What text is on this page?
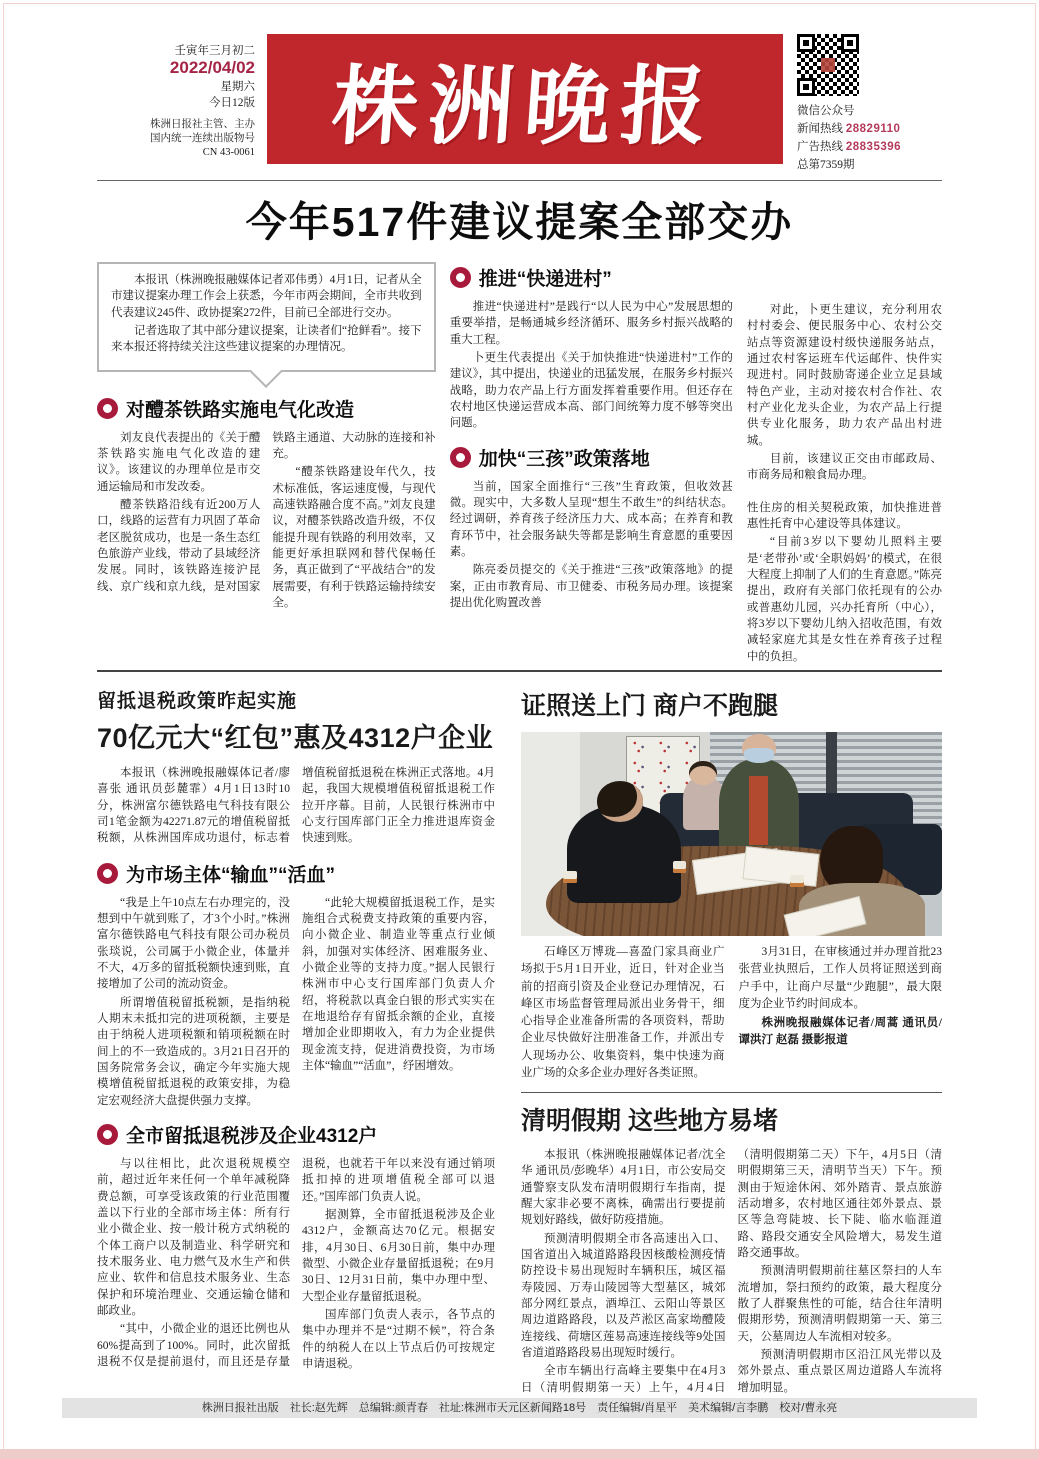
壬寅年三月初二
2022/04/02
星期六
今日12版
株洲日报社主管、主办
国内统一连续出版物号
CN 43-0061 株洲晚报	微信公众号
新闻热线 28829110
广告热线 28835396
总第7359期
今年517件建议提案全部交办

本报讯（株洲晚报融媒体记者邓伟勇）4月1日，记者从全市建议提案办理工作会上获悉，今年市两会期间，全市共收到代表建议245件、政协提案272件，目前已全部进行交办。

记者选取了其中部分建议提案，让读者们“抢鲜看”。接下来本报还将持续关注这些建议提案的办理情况。

对醴茶铁路实施电气化改造

刘友良代表提出的《关于醴茶铁路实施电气化改造的建议》。该建议的办理单位是市交通运输局和市发改委。

醴茶铁路沿线有近200万人口，线路的运营有力巩固了革命老区脱贫成功，也是一条生态红色旅游产业线，带动了县域经济发展。同时，该铁路连接沪昆线、京广线和京九线，是对国家铁路主通道、大动脉的连接和补充。

“醴茶铁路建设年代久，技术标准低，客运速度慢，与现代高速铁路融合度不高。”刘友良建议，对醴茶铁路改造升级，不仅能提升现有铁路的利用效率，又能更好承担联网和替代保畅任务，真正做到了“平战结合”的发展需要，有利于铁路运输持续安全。

推进“快递进村”

推进“快递进村”是践行“以人民为中心”发展思想的重要举措，是畅通城乡经济循环、服务乡村振兴战略的重大工程。

卜更生代表提出《关于加快推进“快递进村”工作的建议》，其中提出，快递业的迅猛发展，在服务乡村振兴战略，助力农产品上行方面发挥着重要作用。但还存在农村地区快递运营成本高、部门间统筹力度不够等突出问题。

加快“三孩”政策落地

当前，国家全面推行“三孩”生育政策，但收效甚微。现实中，大多数人呈现“想生不敢生”的纠结状态。经过调研，养育孩子经济压力大、成本高；在养育和教育环节中，社会服务缺失等都是影响生育意愿的重要因素。

陈亮委员提交的《关于推进“三孩”政策落地》的提案，正由市教育局、市卫健委、市税务局办理。该提案提出优化购置改善

对此，卜更生建议，充分利用农村村委会、便民服务中心、农村公交站点等资源建设村级快递服务站点，通过农村客运班车代运邮件、快件实现进村。同时鼓励寄递企业立足县域特色产业，主动对接农村合作社、农村产业化龙头企业，为农产品上行提供专业化服务，助力农产品出村进城。

目前，该建议正交由市邮政局、市商务局和粮食局办理。

性住房的相关契税政策，加快推进普惠性托育中心建设等具体建议。

“目前3岁以下婴幼儿照料主要是‘老带孙’或‘全职妈妈’的模式，在很大程度上抑制了人们的生育意愿。”陈亮提出，政府有关部门依托现有的公办或普惠幼儿园，兴办托育所（中心），将3岁以下婴幼儿纳入招收范围，有效减轻家庭尤其是女性在养育孩子过程中的负担。

留抵退税政策昨起实施
70亿元大“红包”惠及4312户企业

本报讯（株洲晚报融媒体记者/廖喜张 通讯员彭麓霏）4月1日13时10分，株洲富尔德铁路电气科技有限公司1笔金额为42271.87元的增值税留抵税额，从株洲国库成功退付，标志着增值税留抵退税在株洲正式落地。4月起，我国大规模增值税留抵退税工作拉开序幕。目前，人民银行株洲市中心支行国库部门正全力推进退库资金快速到账。

为市场主体“输血”“活血”

“我是上午10点左右办理完的，没想到中午就到账了，才3个小时。”株洲富尔德铁路电气科技有限公司办税员张琰说，公司属于小微企业，体量并不大，4万多的留抵税额快速到账，直接增加了公司的流动资金。

所谓增值税留抵税额，是指纳税人期末未抵扣完的进项税额，主要是由于纳税人进项税额和销项税额在时间上的不一致造成的。3月21日召开的国务院常务会议，确定今年实施大规模增值税留抵退税的政策安排，为稳定宏观经济大盘提供强力支撑。

“此轮大规模留抵退税工作，是实施组合式税费支持政策的重要内容，向小微企业、制造业等重点行业倾斜，加强对实体经济、困难服务业、小微企业等的支持力度。”据人民银行株洲市中心支行国库部门负责人介绍，将税款以真金白银的形式实实在在地退给存有留抵余额的企业，直接增加企业即期收入，有力为企业提供现金流支持，促进消费投资，为市场主体“输血”“活血”，纾困增效。

全市留抵退税涉及企业4312户

与以往相比，此次退税规模空前，超过近年来任何一个单年减税降费总额，可享受该政策的行业范围覆盖以下行业的全部市场主体：所有行业小微企业、按一般计税方式纳税的个体工商户以及制造业、科学研究和技术服务业、电力燃气及水生产和供应业、软件和信息技术服务业、生态保护和环境治理业、交通运输仓储和邮政业。

“其中，小微企业的退还比例也从60%提高到了100%。同时，此次留抵退税不仅是提前退付，而且还是存量退税，也就若干年以来没有通过销项抵扣掉的进项增值税全部可以退还。”国库部门负责人说。

据测算，全市留抵退税涉及企业4312户，金额高达70亿元。根据安排，4月30日、6月30日前，集中办理微型、小微企业存量留抵退税；在9月30日、12月31日前，集中办理中型、大型企业存量留抵退税。

国库部门负责人表示，各节点的集中办理并不是“过期不候”，符合条件的纳税人在以上节点后仍可按规定申请退税。

证照送上门 商户不跑腿

石峰区万博珑—喜盈门家具商业广场拟于5月1日开业，近日，针对企业当前的招商引资及企业登记办理情况，石峰区市场监督管理局派出业务骨干，细心指导企业准备所需的各项资料，帮助企业尽快做好注册准备工作，并派出专人现场办公、收集资料，集中快速为商业广场的众多企业办理好各类证照。

3月31日，在审核通过并办理首批23张营业执照后，工作人员将证照送到商户手中，让商户尽量“少跑腿”，最大限度为企业节约时间成本。

株洲晚报融媒体记者/周蒿 通讯员/谭洪汀 赵磊 摄影报道

清明假期 这些地方易堵

本报讯（株洲晚报融媒体记者/沈全华 通讯员/彭晚华）4月1日，市公安局交通警察支队发布清明假期行车指南，提醒大家非必要不离株，确需出行要提前规划好路线，做好防疫措施。

预测清明假期全市各高速出入口、国省道出入城道路路段因核酸检测疫情防控设卡易出现短时车辆积压，城区福寿陵园、万寿山陵园等大型墓区，城郊部分网红景点，酒埠江、云阳山等景区周边道路路段，以及芦淞区高家坳醴陵连接线、荷塘区莲易高速连接线等9处国省道道路路段易出现短时缓行。

全市车辆出行高峰主要集中在4月3日（清明假期第一天）上午，4月4日（清明假期第二天）下午，4月5日（清明假期第三天，清明节当天）下午。预测由于短途休闲、郊外踏青、景点旅游活动增多，农村地区通往郊外景点、景区等急弯陡坡、长下陡、临水临涯道路、路段交通安全风险增大，易发生道路交通事故。

预测清明假期前往墓区祭扫的人车流增加，祭扫预约的政策，最大程度分散了人群聚焦性的可能，结合往年清明假期形势，预测清明假期第一天、第三天，公墓周边人车流相对较多。

预测清明假期市区沿江风光带以及郊外景点、重点景区周边道路人车流将增加明显。

株洲日报社出版　社长:赵先辉　总编辑:颜青春　社址:株洲市天元区新闻路18号　责任编辑/肖星平　美术编辑/言李鹏　校对/曹永亮
